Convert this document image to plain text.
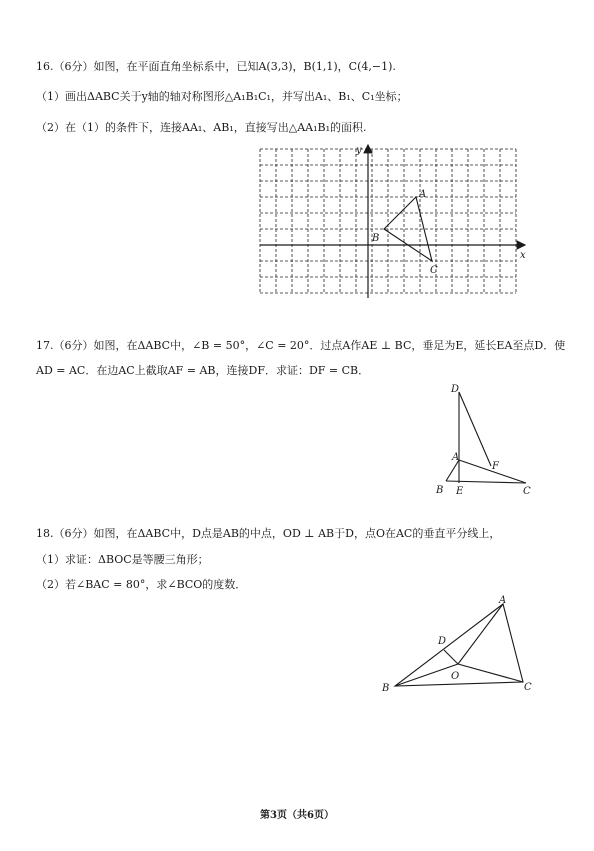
16.（6分）如图，在平面直角坐标系中，已知A(3,3)，B(1,1)，C(4,−1).
（1）画出ΔABC关于y轴的轴对称图形△A₁B₁C₁，并写出A₁、B₁、C₁坐标；
（2）在（1）的条件下，连接AA₁、AB₁，直接写出△AA₁B₁的面积.
y
x
A
B
C
17.（6分）如图，在ΔABC中，∠B = 50°，∠C = 20°．过点A作AE ⊥ BC，垂足为E，延长EA至点D．使
AD = AC．在边AC上截取AF = AB，连接DF．求证：DF = CB．
D
A
F
B E	C
18.（6分）如图，在ΔABC中，D点是AB的中点，OD ⊥ AB于D，点O在AC的垂直平分线上，
（1）求证：ΔBOC是等腰三角形；
（2）若∠BAC = 80°，求∠BCO的度数．
A
D
O
B	C
第3页（共6页）
